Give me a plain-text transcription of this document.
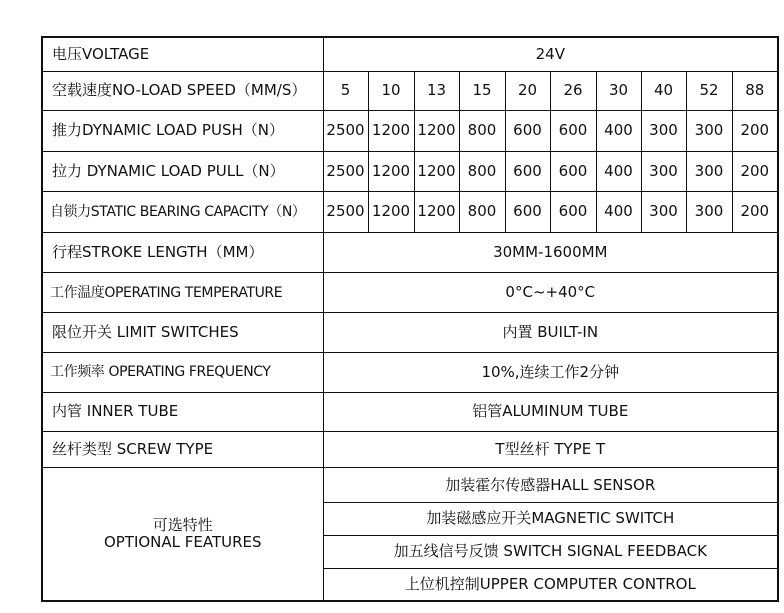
电压VOLTAGE	24V									
空载速度NO-LOAD SPEED（MM/S）	5	10	13	15	20	26	30	40	52	88
推力DYNAMIC LOAD PUSH（N）	2500	1200	1200	800	600	600	400	300	300	200
拉力 DYNAMIC LOAD PULL（N）	2500	1200	1200	800	600	600	400	300	300	200
自锁力STATIC BEARING CAPACITY（N）	2500	1200	1200	800	600	600	400	300	300	200
行程STROKE LENGTH（MM）	30MM-1600MM									
工作温度OPERATING TEMPERATURE	0°C~+40°C									
限位开关 LIMIT SWITCHES	内置 BUILT-IN									
工作频率 OPERATING FREQUENCY	10%,连续工作2分钟									
内管 INNER TUBE	铝管ALUMINUM TUBE									
丝杆类型 SCREW TYPE	T型丝杆 TYPE T									

可选特性
OPTIONAL FEATURES	加装霍尔传感器HALL SENSOR									
	加装磁感应开关MAGNETIC SWITCH									
	加五线信号反馈 SWITCH SIGNAL FEEDBACK									
	上位机控制UPPER COMPUTER CONTROL									
